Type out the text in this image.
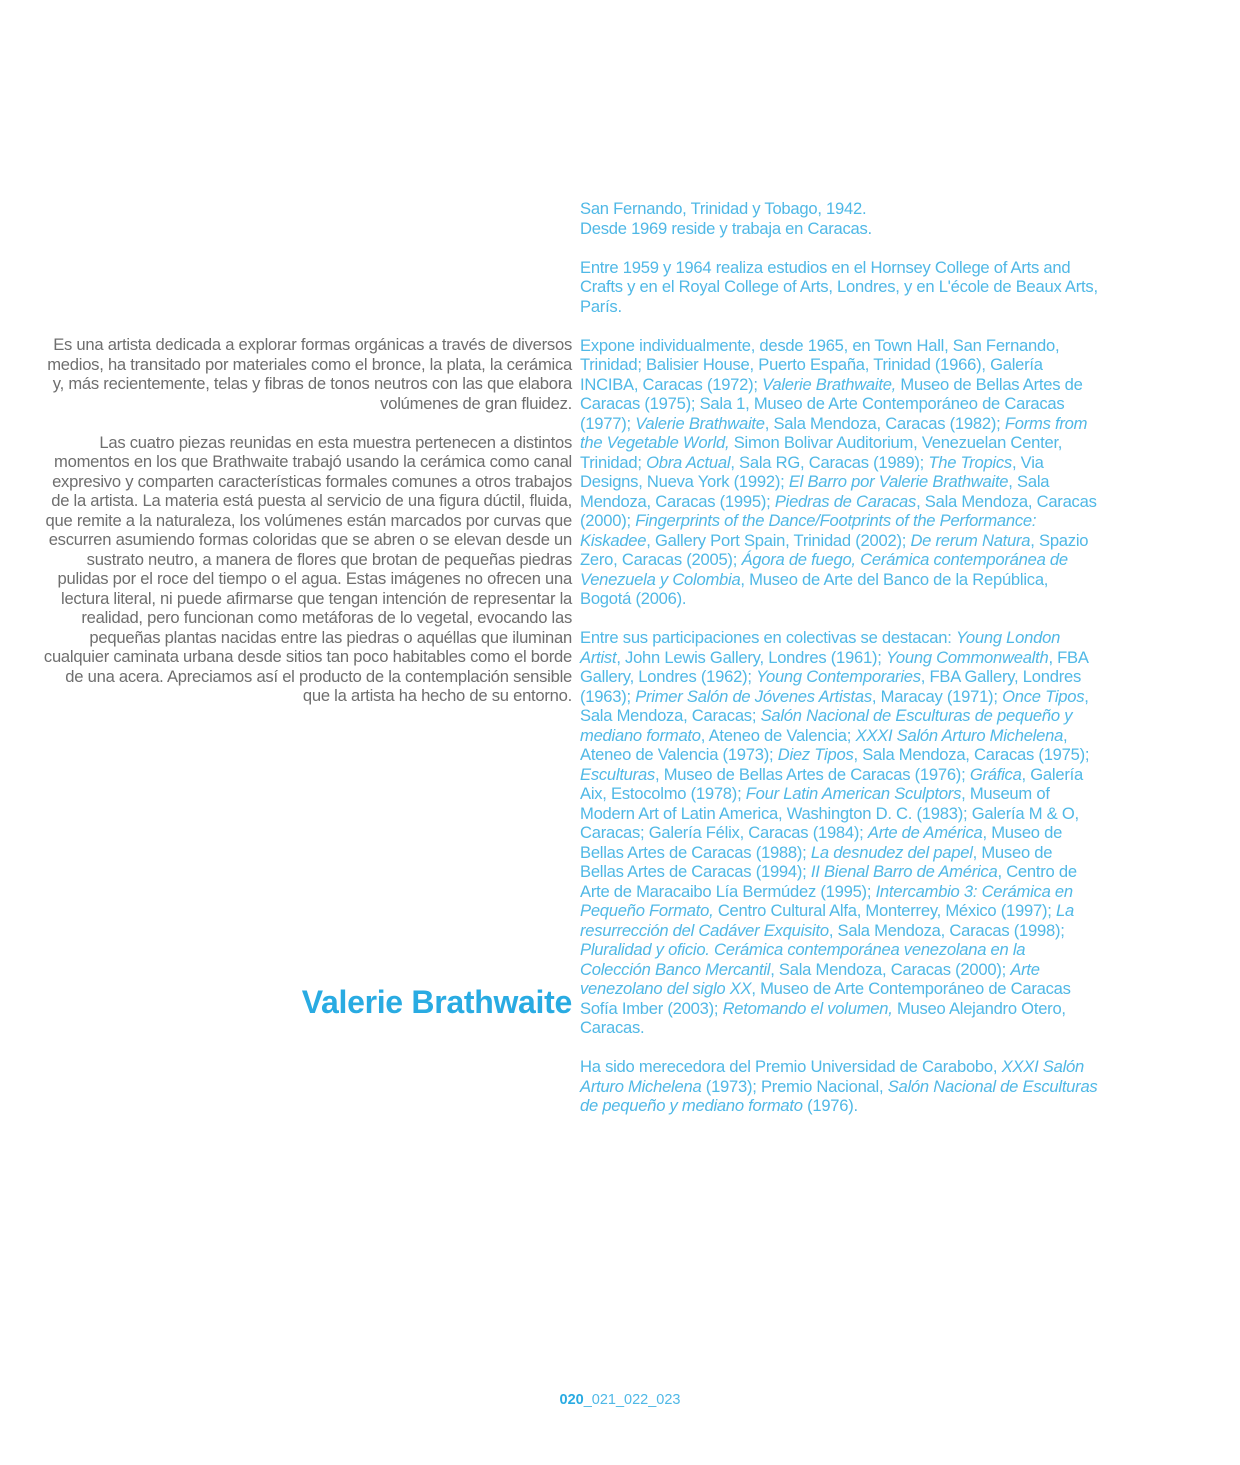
Es una artista dedicada a explorar formas orgánicas a través de diversos medios, ha transitado por materiales como el bronce, la plata, la cerámica y, más recientemente, telas y fibras de tonos neutros con las que elabora volúmenes de gran fluidez.

Las cuatro piezas reunidas en esta muestra pertenecen a distintos momentos en los que Brathwaite trabajó usando la cerámica como canal expresivo y comparten características formales comunes a otros trabajos de la artista. La materia está puesta al servicio de una figura dúctil, fluida, que remite a la naturaleza, los volúmenes están marcados por curvas que escurren asumiendo formas coloridas que se abren o se elevan desde un sustrato neutro, a manera de flores que brotan de pequeñas piedras pulidas por el roce del tiempo o el agua. Estas imágenes no ofrecen una lectura literal, ni puede afirmarse que tengan intención de representar la realidad, pero funcionan como metáforas de lo vegetal, evocando las pequeñas plantas nacidas entre las piedras o aquéllas que iluminan cualquier caminata urbana desde sitios tan poco habitables como el borde de una acera. Apreciamos así el producto de la contemplación sensible que la artista ha hecho de su entorno.

Valerie Brathwaite

San Fernando, Trinidad y Tobago, 1942.
Desde 1969 reside y trabaja en Caracas.

Entre 1959 y 1964 realiza estudios en el Hornsey College of Arts and Crafts y en el Royal College of Arts, Londres, y en L'école de Beaux Arts, París.

Expone individualmente, desde 1965, en Town Hall, San Fernando, Trinidad; Balisier House, Puerto España, Trinidad (1966), Galería INCIBA, Caracas (1972); Valerie Brathwaite, Museo de Bellas Artes de Caracas (1975); Sala 1, Museo de Arte Contemporáneo de Caracas (1977); Valerie Brathwaite, Sala Mendoza, Caracas (1982); Forms from the Vegetable World, Simon Bolivar Auditorium, Venezuelan Center, Trinidad; Obra Actual, Sala RG, Caracas (1989); The Tropics, Via Designs, Nueva York (1992); El Barro por Valerie Brathwaite, Sala Mendoza, Caracas (1995); Piedras de Caracas, Sala Mendoza, Caracas (2000); Fingerprints of the Dance/Footprints of the Performance: Kiskadee, Gallery Port Spain, Trinidad (2002); De rerum Natura, Spazio Zero, Caracas (2005); Ágora de fuego, Cerámica contemporánea de Venezuela y Colombia, Museo de Arte del Banco de la República, Bogotá (2006).

Entre sus participaciones en colectivas se destacan: Young London Artist, John Lewis Gallery, Londres (1961); Young Commonwealth, FBA Gallery, Londres (1962); Young Contemporaries, FBA Gallery, Londres (1963); Primer Salón de Jóvenes Artistas, Maracay (1971); Once Tipos, Sala Mendoza, Caracas; Salón Nacional de Esculturas de pequeño y mediano formato, Ateneo de Valencia; XXXI Salón Arturo Michelena, Ateneo de Valencia (1973); Diez Tipos, Sala Mendoza, Caracas (1975); Esculturas, Museo de Bellas Artes de Caracas (1976); Gráfica, Galería Aix, Estocolmo (1978); Four Latin American Sculptors, Museum of Modern Art of Latin America, Washington D. C. (1983); Galería M & O, Caracas; Galería Félix, Caracas (1984); Arte de América, Museo de Bellas Artes de Caracas (1988); La desnudez del papel, Museo de Bellas Artes de Caracas (1994); II Bienal Barro de América, Centro de Arte de Maracaibo Lía Bermúdez (1995); Intercambio 3: Cerámica en Pequeño Formato, Centro Cultural Alfa, Monterrey, México (1997); La resurrección del Cadáver Exquisito, Sala Mendoza, Caracas (1998); Pluralidad y oficio. Cerámica contemporánea venezolana en la Colección Banco Mercantil, Sala Mendoza, Caracas (2000); Arte venezolano del siglo XX, Museo de Arte Contemporáneo de Caracas Sofía Imber (2003); Retomando el volumen, Museo Alejandro Otero, Caracas.

Ha sido merecedora del Premio Universidad de Carabobo, XXXI Salón Arturo Michelena (1973); Premio Nacional, Salón Nacional de Esculturas de pequeño y mediano formato (1976).

020_021_022_023
